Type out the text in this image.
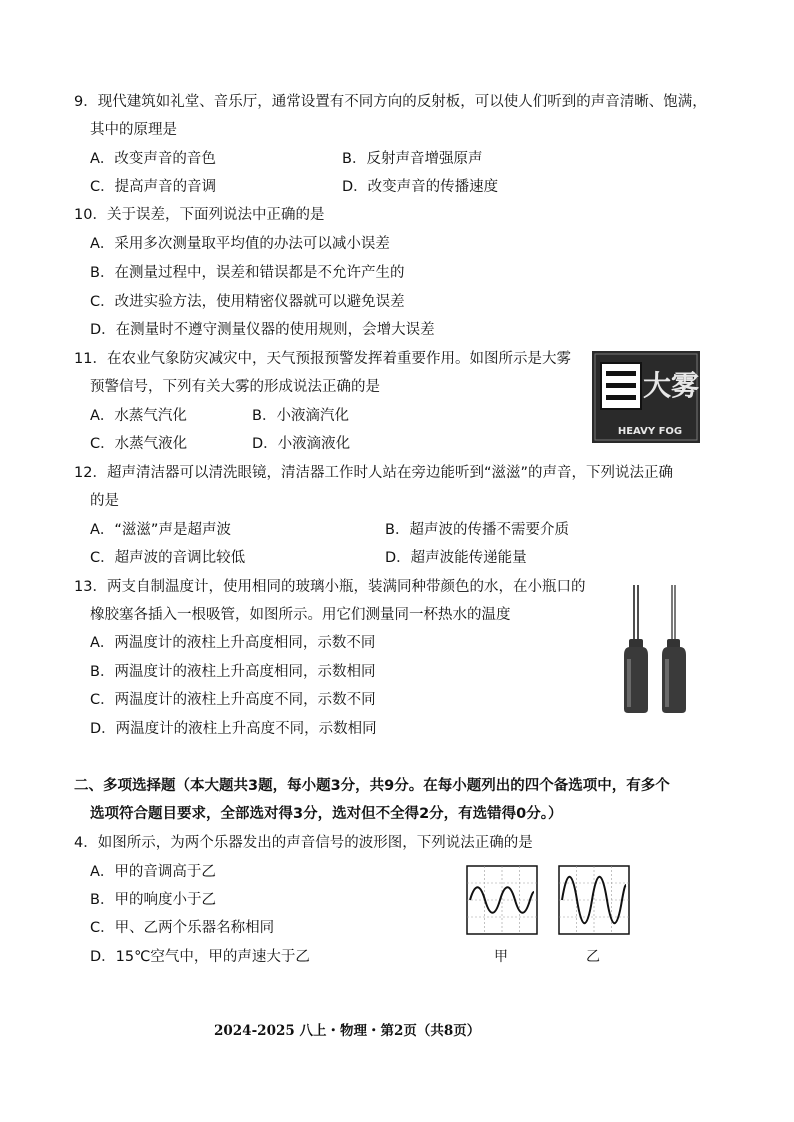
9．现代建筑如礼堂、音乐厅，通常设置有不同方向的反射板，可以使人们听到的声音清晰、饱满，
其中的原理是
A．改变声音的音色	B．反射声音增强原声
C．提高声音的音调	D．改变声音的传播速度
10．关于误差，下面列说法中正确的是
A．采用多次测量取平均值的办法可以减小误差
B．在测量过程中，误差和错误都是不允许产生的
C．改进实验方法，使用精密仪器就可以避免误差
D．在测量时不遵守测量仪器的使用规则，会增大误差
11．在农业气象防灾减灾中，天气预报预警发挥着重要作用。如图所示是大雾
预警信号，下列有关大雾的形成说法正确的是
A．水蒸气汽化	B．小液滴汽化
C．水蒸气液化	D．小液滴液化
大雾
HEAVY FOG
12．超声清洁器可以清洗眼镜，清洁器工作时人站在旁边能听到“滋滋”的声音，下列说法正确
的是
A．“滋滋”声是超声波	B．超声波的传播不需要介质
C．超声波的音调比较低	D．超声波能传递能量
13．两支自制温度计，使用相同的玻璃小瓶，装满同种带颜色的水，在小瓶口的
橡胶塞各插入一根吸管，如图所示。用它们测量同一杯热水的温度
A．两温度计的液柱上升高度相同，示数不同
B．两温度计的液柱上升高度相同，示数相同
C．两温度计的液柱上升高度不同，示数不同
D．两温度计的液柱上升高度不同，示数相同
二、多项选择题（本大题共3题，每小题3分，共9分。在每小题列出的四个备选项中，有多个
选项符合题目要求，全部选对得3分，选对但不全得2分，有选错得0分。）
4．如图所示，为两个乐器发出的声音信号的波形图，下列说法正确的是
A．甲的音调高于乙
B．甲的响度小于乙
C．甲、乙两个乐器名称相同
D．15℃空气中，甲的声速大于乙	甲	乙
2024-2025 八上・物理・第2页（共8页）
